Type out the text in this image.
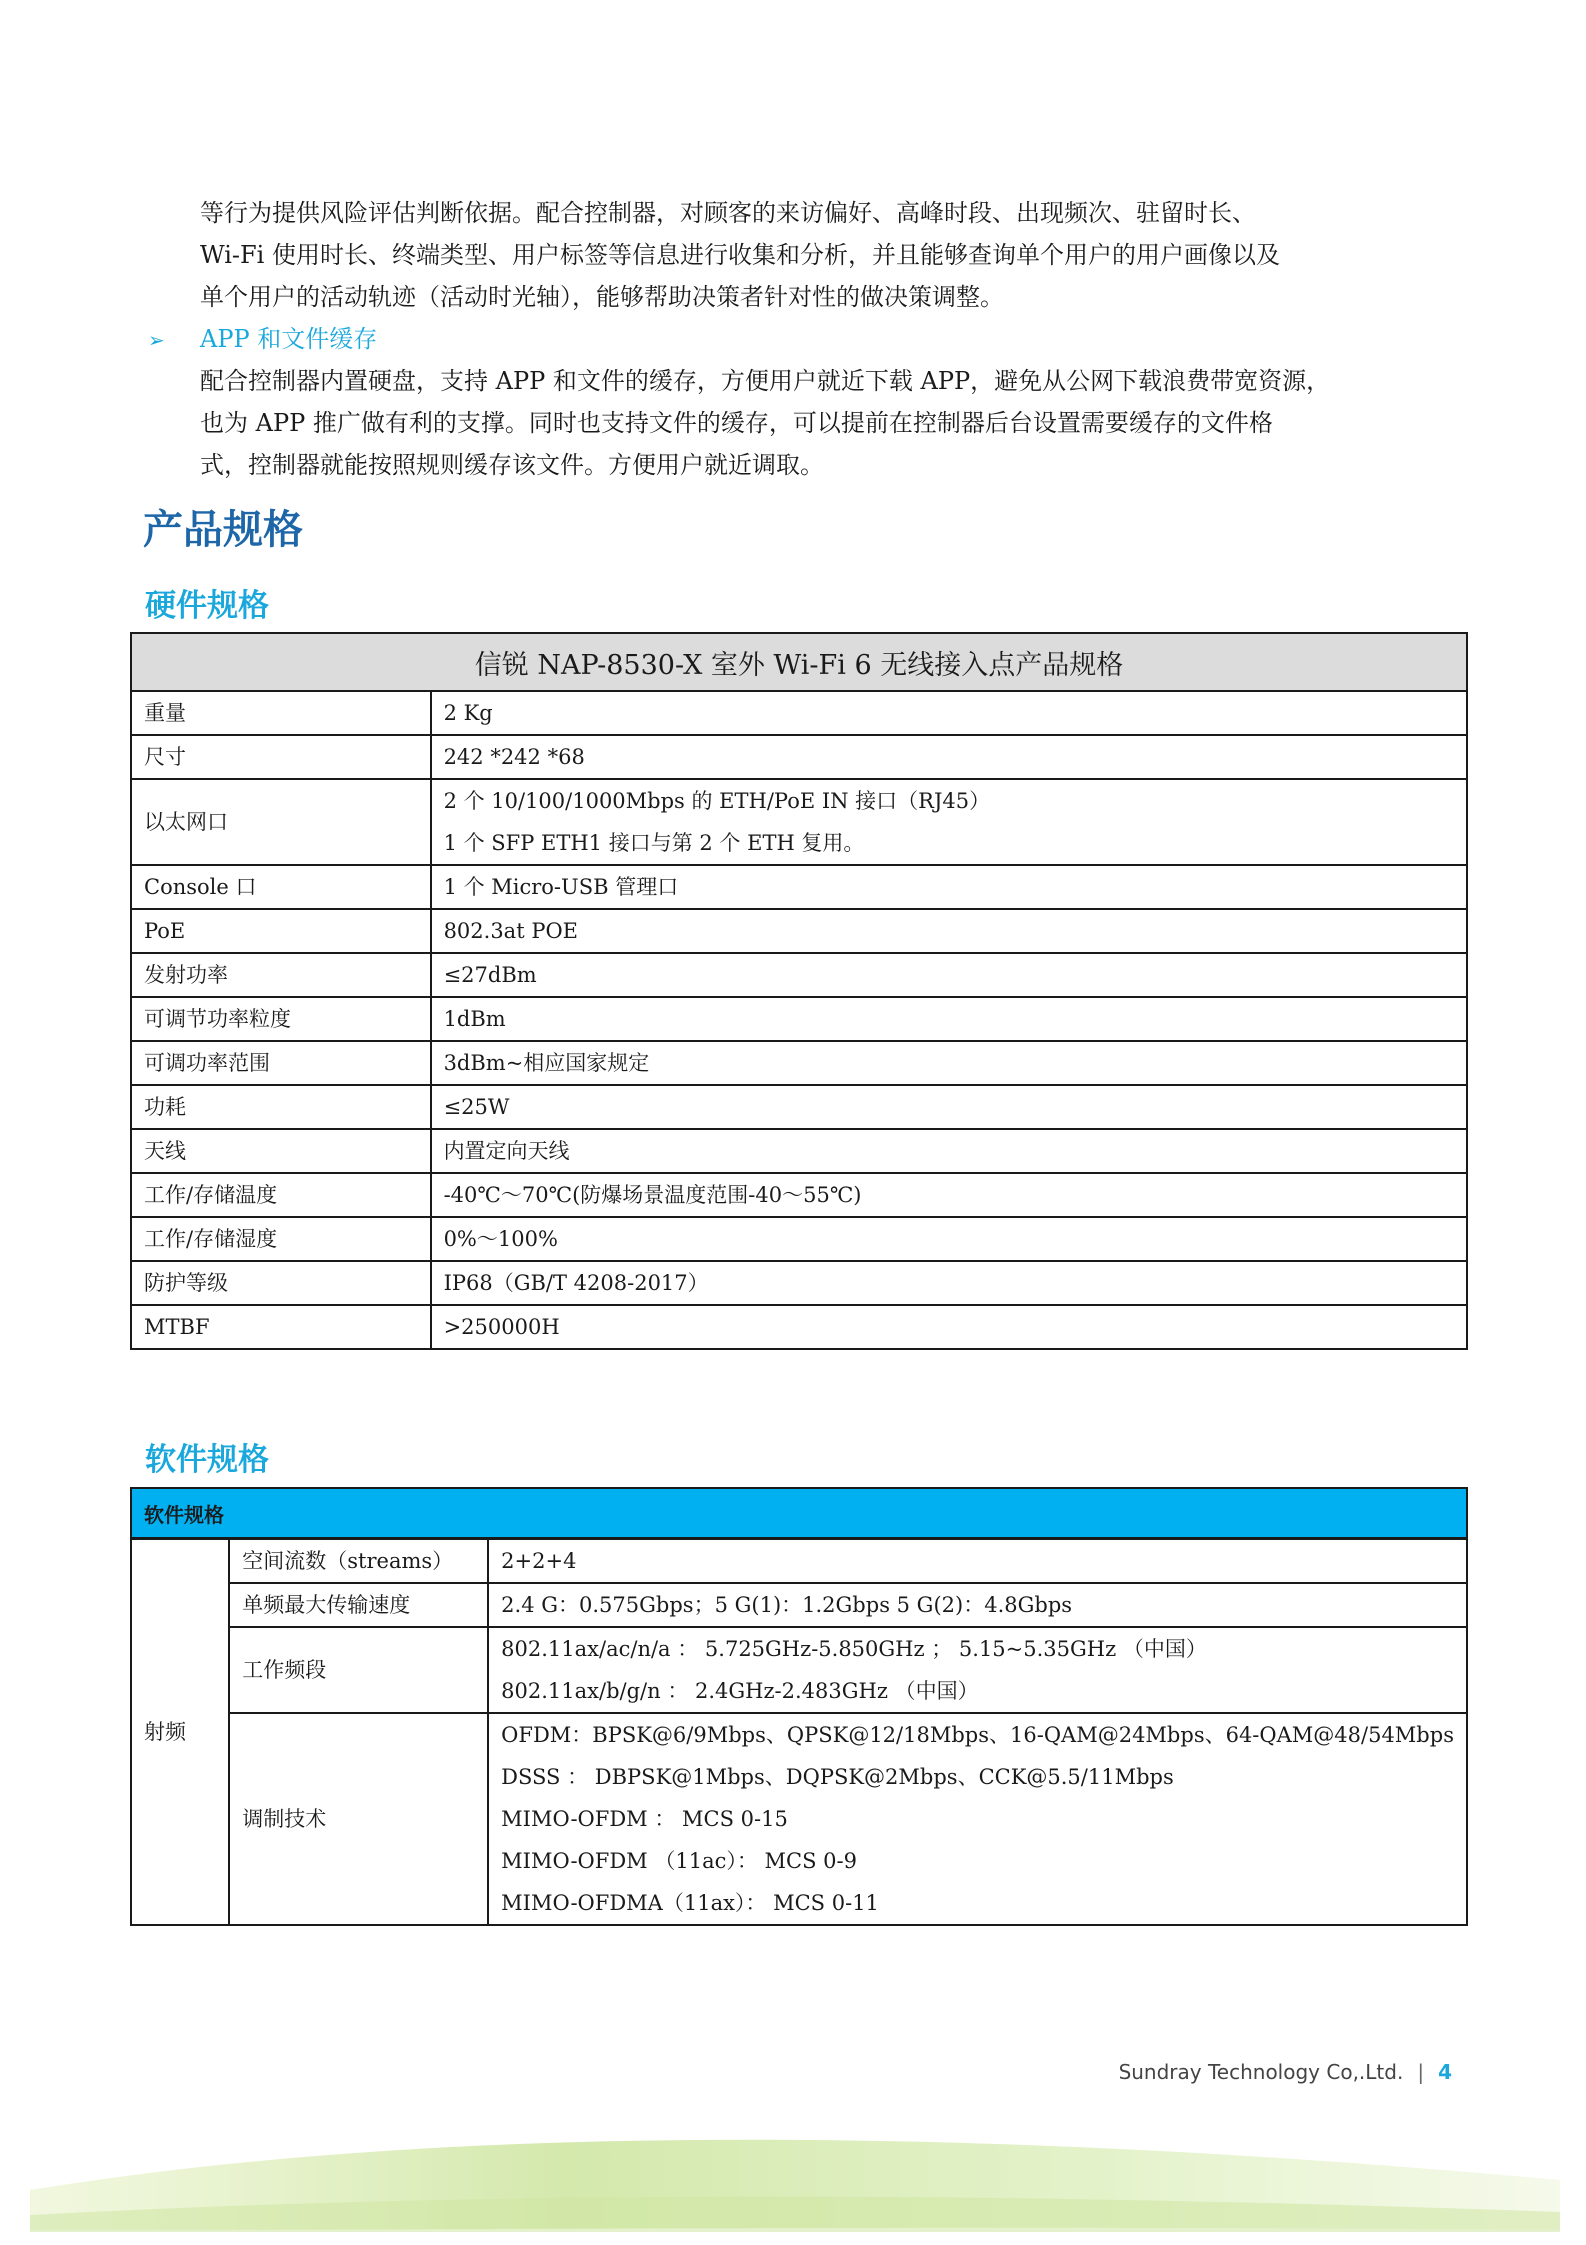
等行为提供风险评估判断依据。配合控制器，对顾客的来访偏好、高峰时段、出现频次、驻留时长、
Wi-Fi 使用时长、终端类型、用户标签等信息进行收集和分析，并且能够查询单个用户的用户画像以及
单个用户的活动轨迹（活动时光轴），能够帮助决策者针对性的做决策调整。
➢ APP 和文件缓存
配合控制器内置硬盘，支持 APP 和文件的缓存，方便用户就近下载 APP，避免从公网下载浪费带宽资源，
也为 APP 推广做有利的支撑。同时也支持文件的缓存，可以提前在控制器后台设置需要缓存的文件格
式，控制器就能按照规则缓存该文件。方便用户就近调取。
产品规格
硬件规格
信锐 NAP-8530-X 室外 Wi-Fi 6 无线接入点产品规格	

重量	2 Kg

尺寸	242 *242 *68

以太网口	2 个 10/100/1000Mbps 的 ETH/PoE IN 接口（RJ45）
1 个 SFP ETH1 接口与第 2 个 ETH 复用。

Console 口	1 个 Micro-USB 管理口

PoE	802.3at POE

发射功率	≤27dBm

可调节功率粒度	1dBm

可调功率范围	3dBm~相应国家规定

功耗	≤25W

天线	内置定向天线

工作/存储温度	-40℃～70℃(防爆场景温度范围-40～55℃)

工作/存储湿度	0%～100%

防护等级	IP68（GB/T 4208-2017）

MTBF	>250000H
软件规格
软件规格		

射频	空间流数（streams）	2+2+4

	单频最大传输速度	2.4 G：0.575Gbps；5 G(1)：1.2Gbps 5 G(2)：4.8Gbps

	工作频段	802.11ax/ac/n/a ： 5.725GHz-5.850GHz ； 5.15~5.35GHz （中国）
802.11ax/b/g/n ： 2.4GHz-2.483GHz （中国）

	调制技术	OFDM：BPSK@6/9Mbps、QPSK@12/18Mbps、16-QAM@24Mbps、64-QAM@48/54Mbps
DSSS ： DBPSK@1Mbps、DQPSK@2Mbps、CCK@5.5/11Mbps
MIMO-OFDM ： MCS 0-15
MIMO-OFDM （11ac）： MCS 0-9
MIMO-OFDMA（11ax）： MCS 0-11
Sundray Technology Co,.Ltd. | 4
